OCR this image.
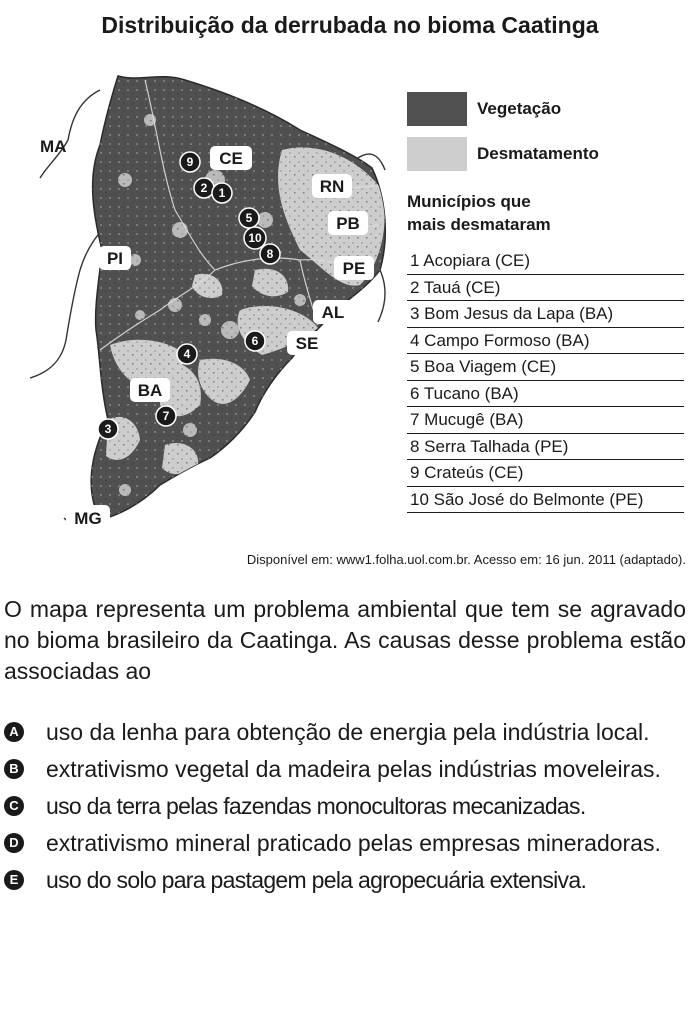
Distribuição da derrubada no bioma Caatinga
MA
CE
RN
PB
PE
AL
SE
PI
BA
MG
9
2 1
5
10
8
4
6
7
3
Vegetação
Desmatamento
Municípios que
mais desmataram
1 Acopiara (CE)
2 Tauá (CE)
3 Bom Jesus da Lapa (BA)
4 Campo Formoso (BA)
5 Boa Viagem (CE)
6 Tucano (BA)
7 Mucugê (BA)
8 Serra Talhada (PE)
9 Crateús (CE)
10 São José do Belmonte (PE)
Disponível em: www1.folha.uol.com.br. Acesso em: 16 jun. 2011 (adaptado).

O mapa representa um problema ambiental que tem se agravado no bioma brasileiro da Caatinga. As causas desse problema estão associadas ao

A uso da lenha para obtenção de energia pela indústria local.
B extrativismo vegetal da madeira pelas indústrias moveleiras.
C uso da terra pelas fazendas monocultoras mecanizadas.
D extrativismo mineral praticado pelas empresas mineradoras.
E uso do solo para pastagem pela agropecuária extensiva.
